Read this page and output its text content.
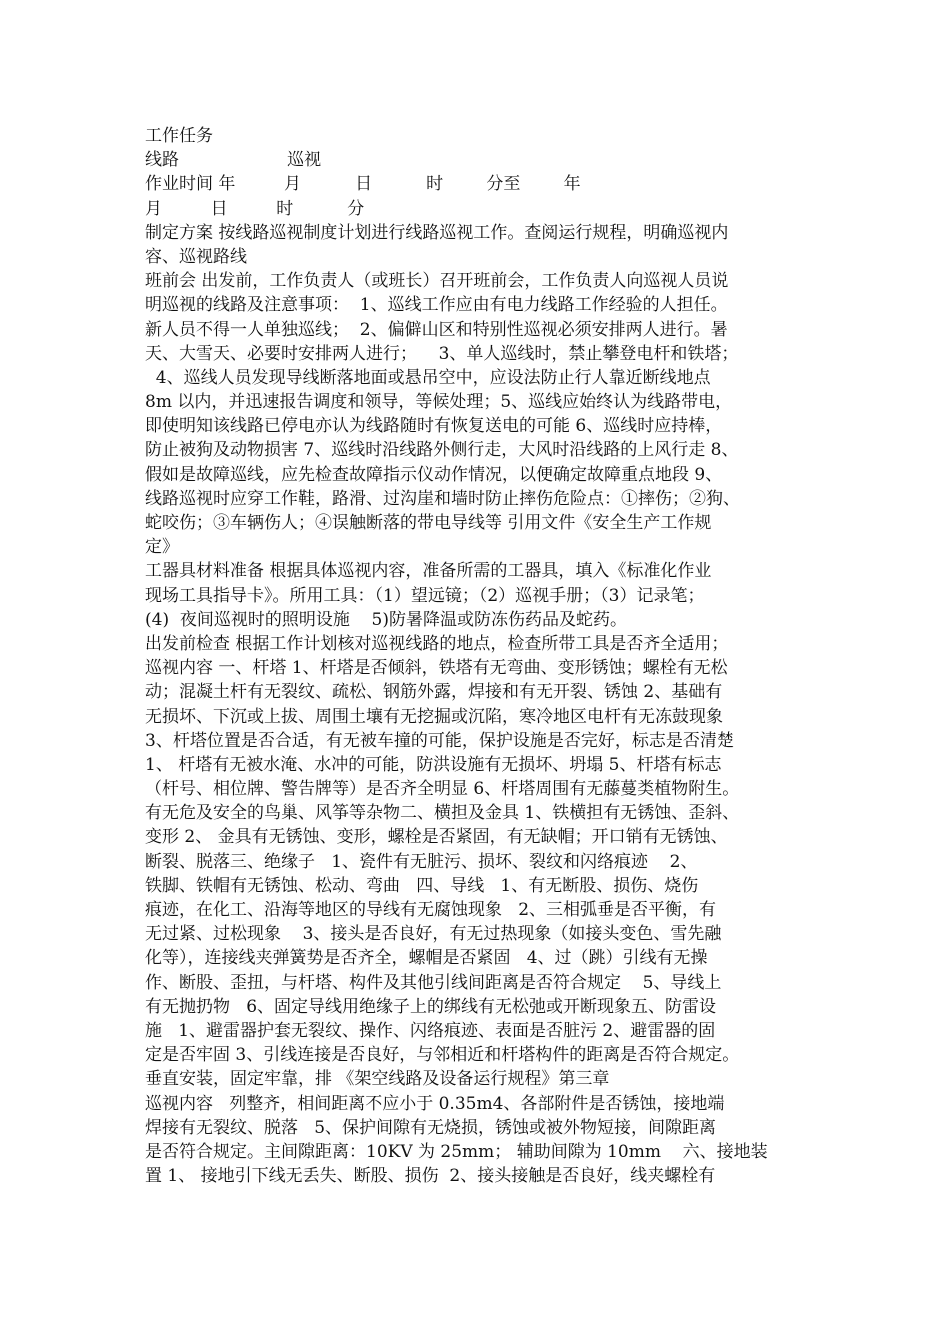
工作任务
线路                    巡视
作业时间 年         月          日          时        分至        年
月         日         时          分
制定方案 按线路巡视制度计划进行线路巡视工作。查阅运行规程，明确巡视内
容、巡视路线
班前会 出发前，工作负责人（或班长）召开班前会，工作负责人向巡视人员说
明巡视的线路及注意事项：  1、巡线工作应由有电力线路工作经验的人担任。
新人员不得一人单独巡线；  2、偏僻山区和特别性巡视必须安排两人进行。暑
天、大雪天、必要时安排两人进行；    3、单人巡线时，禁止攀登电杆和铁塔；
4、巡线人员发现导线断落地面或悬吊空中，应设法防止行人靠近断线地点
8m 以内，并迅速报告调度和领导，等候处理；5、巡线应始终认为线路带电，
即使明知该线路已停电亦认为线路随时有恢复送电的可能 6、巡线时应持棒，
防止被狗及动物损害 7、巡线时沿线路外侧行走，大风时沿线路的上风行走 8、
假如是故障巡线，应先检查故障指示仪动作情况，以便确定故障重点地段 9、
线路巡视时应穿工作鞋，路滑、过沟崖和墙时防止摔伤危险点：①摔伤；②狗、
蛇咬伤；③车辆伤人；④误触断落的带电导线等 引用文件《安全生产工作规
定》
工器具材料准备 根据具体巡视内容，准备所需的工器具，填入《标准化作业
现场工具指导卡》。所用工具：（1）望远镜；（2）巡视手册；（3）记录笔；
(4)  夜间巡视时的照明设施    5)防暑降温或防冻伤药品及蛇药。
出发前检查 根据工作计划核对巡视线路的地点，检查所带工具是否齐全适用；
巡视内容 一、杆塔 1、杆塔是否倾斜，铁塔有无弯曲、变形锈蚀；螺栓有无松
动；混凝土杆有无裂纹、疏松、钢筋外露，焊接和有无开裂、锈蚀 2、基础有
无损坏、下沉或上拔、周围土壤有无挖掘或沉陷，寒冷地区电杆有无冻鼓现象
3、杆塔位置是否合适，有无被车撞的可能，保护设施是否完好，标志是否清楚
1、 杆塔有无被水淹、水冲的可能，防洪设施有无损坏、坍塌 5、杆塔有标志
（杆号、相位牌、警告牌等）是否齐全明显 6、杆塔周围有无藤蔓类植物附生。
有无危及安全的鸟巢、风筝等杂物二、横担及金具 1、铁横担有无锈蚀、歪斜、
变形 2、 金具有无锈蚀、变形，螺栓是否紧固，有无缺帽；开口销有无锈蚀、
断裂、脱落三、绝缘子   1、瓷件有无脏污、损坏、裂纹和闪络痕迹    2、
铁脚、铁帽有无锈蚀、松动、弯曲   四、导线   1、有无断股、损伤、烧伤
痕迹，在化工、沿海等地区的导线有无腐蚀现象   2、三相弧垂是否平衡，有
无过紧、过松现象    3、接头是否良好，有无过热现象（如接头变色、雪先融
化等），连接线夹弹簧势是否齐全，螺帽是否紧固   4、过（跳）引线有无操
作、断股、歪扭，与杆塔、构件及其他引线间距离是否符合规定    5、导线上
有无抛扔物   6、固定导线用绝缘子上的绑线有无松弛或开断现象五、防雷设
施   1、避雷器护套无裂纹、操作、闪络痕迹、表面是否脏污 2、避雷器的固
定是否牢固 3、引线连接是否良好，与邻相近和杆塔构件的距离是否符合规定。
垂直安装，固定牢靠，排 《架空线路及设备运行规程》第三章
巡视内容   列整齐，相间距离不应小于 0.35m4、各部附件是否锈蚀，接地端
焊接有无裂纹、脱落   5、保护间隙有无烧损，锈蚀或被外物短接，间隙距离
是否符合规定。主间隙距离：10KV 为 25mm； 辅助间隙为 10mm    六、接地装
置 1、 接地引下线无丢失、断股、损伤  2、接头接触是否良好，线夹螺栓有
